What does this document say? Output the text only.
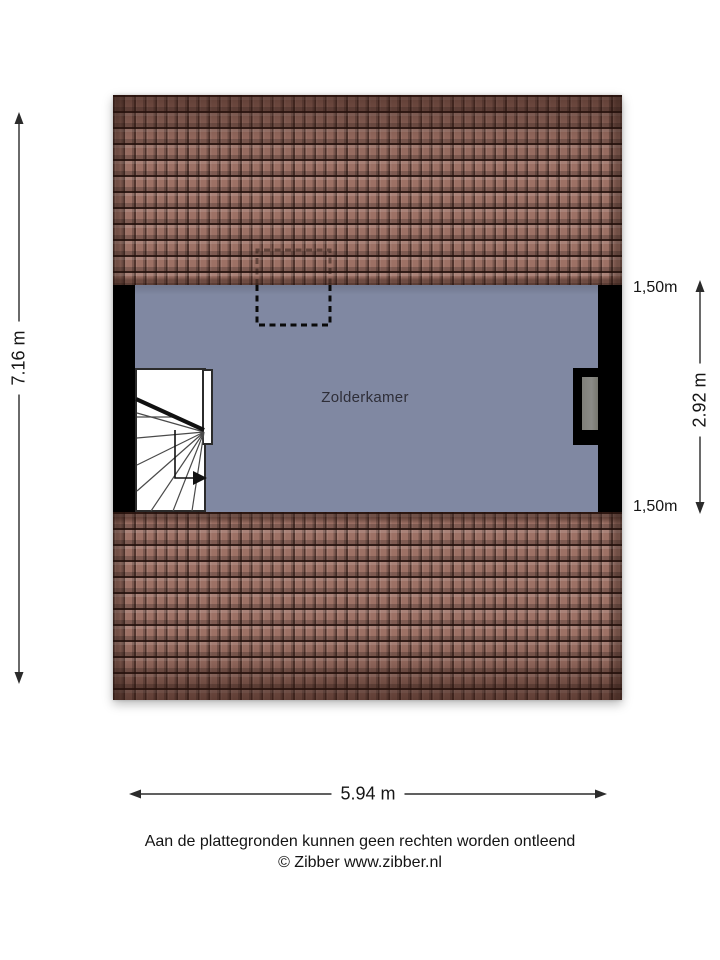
Zolderkamer
7.16 m
2.92 m
1,50m
1,50m
5.94 m
Aan de plattegronden kunnen geen rechten worden ontleend
© Zibber www.zibber.nl
